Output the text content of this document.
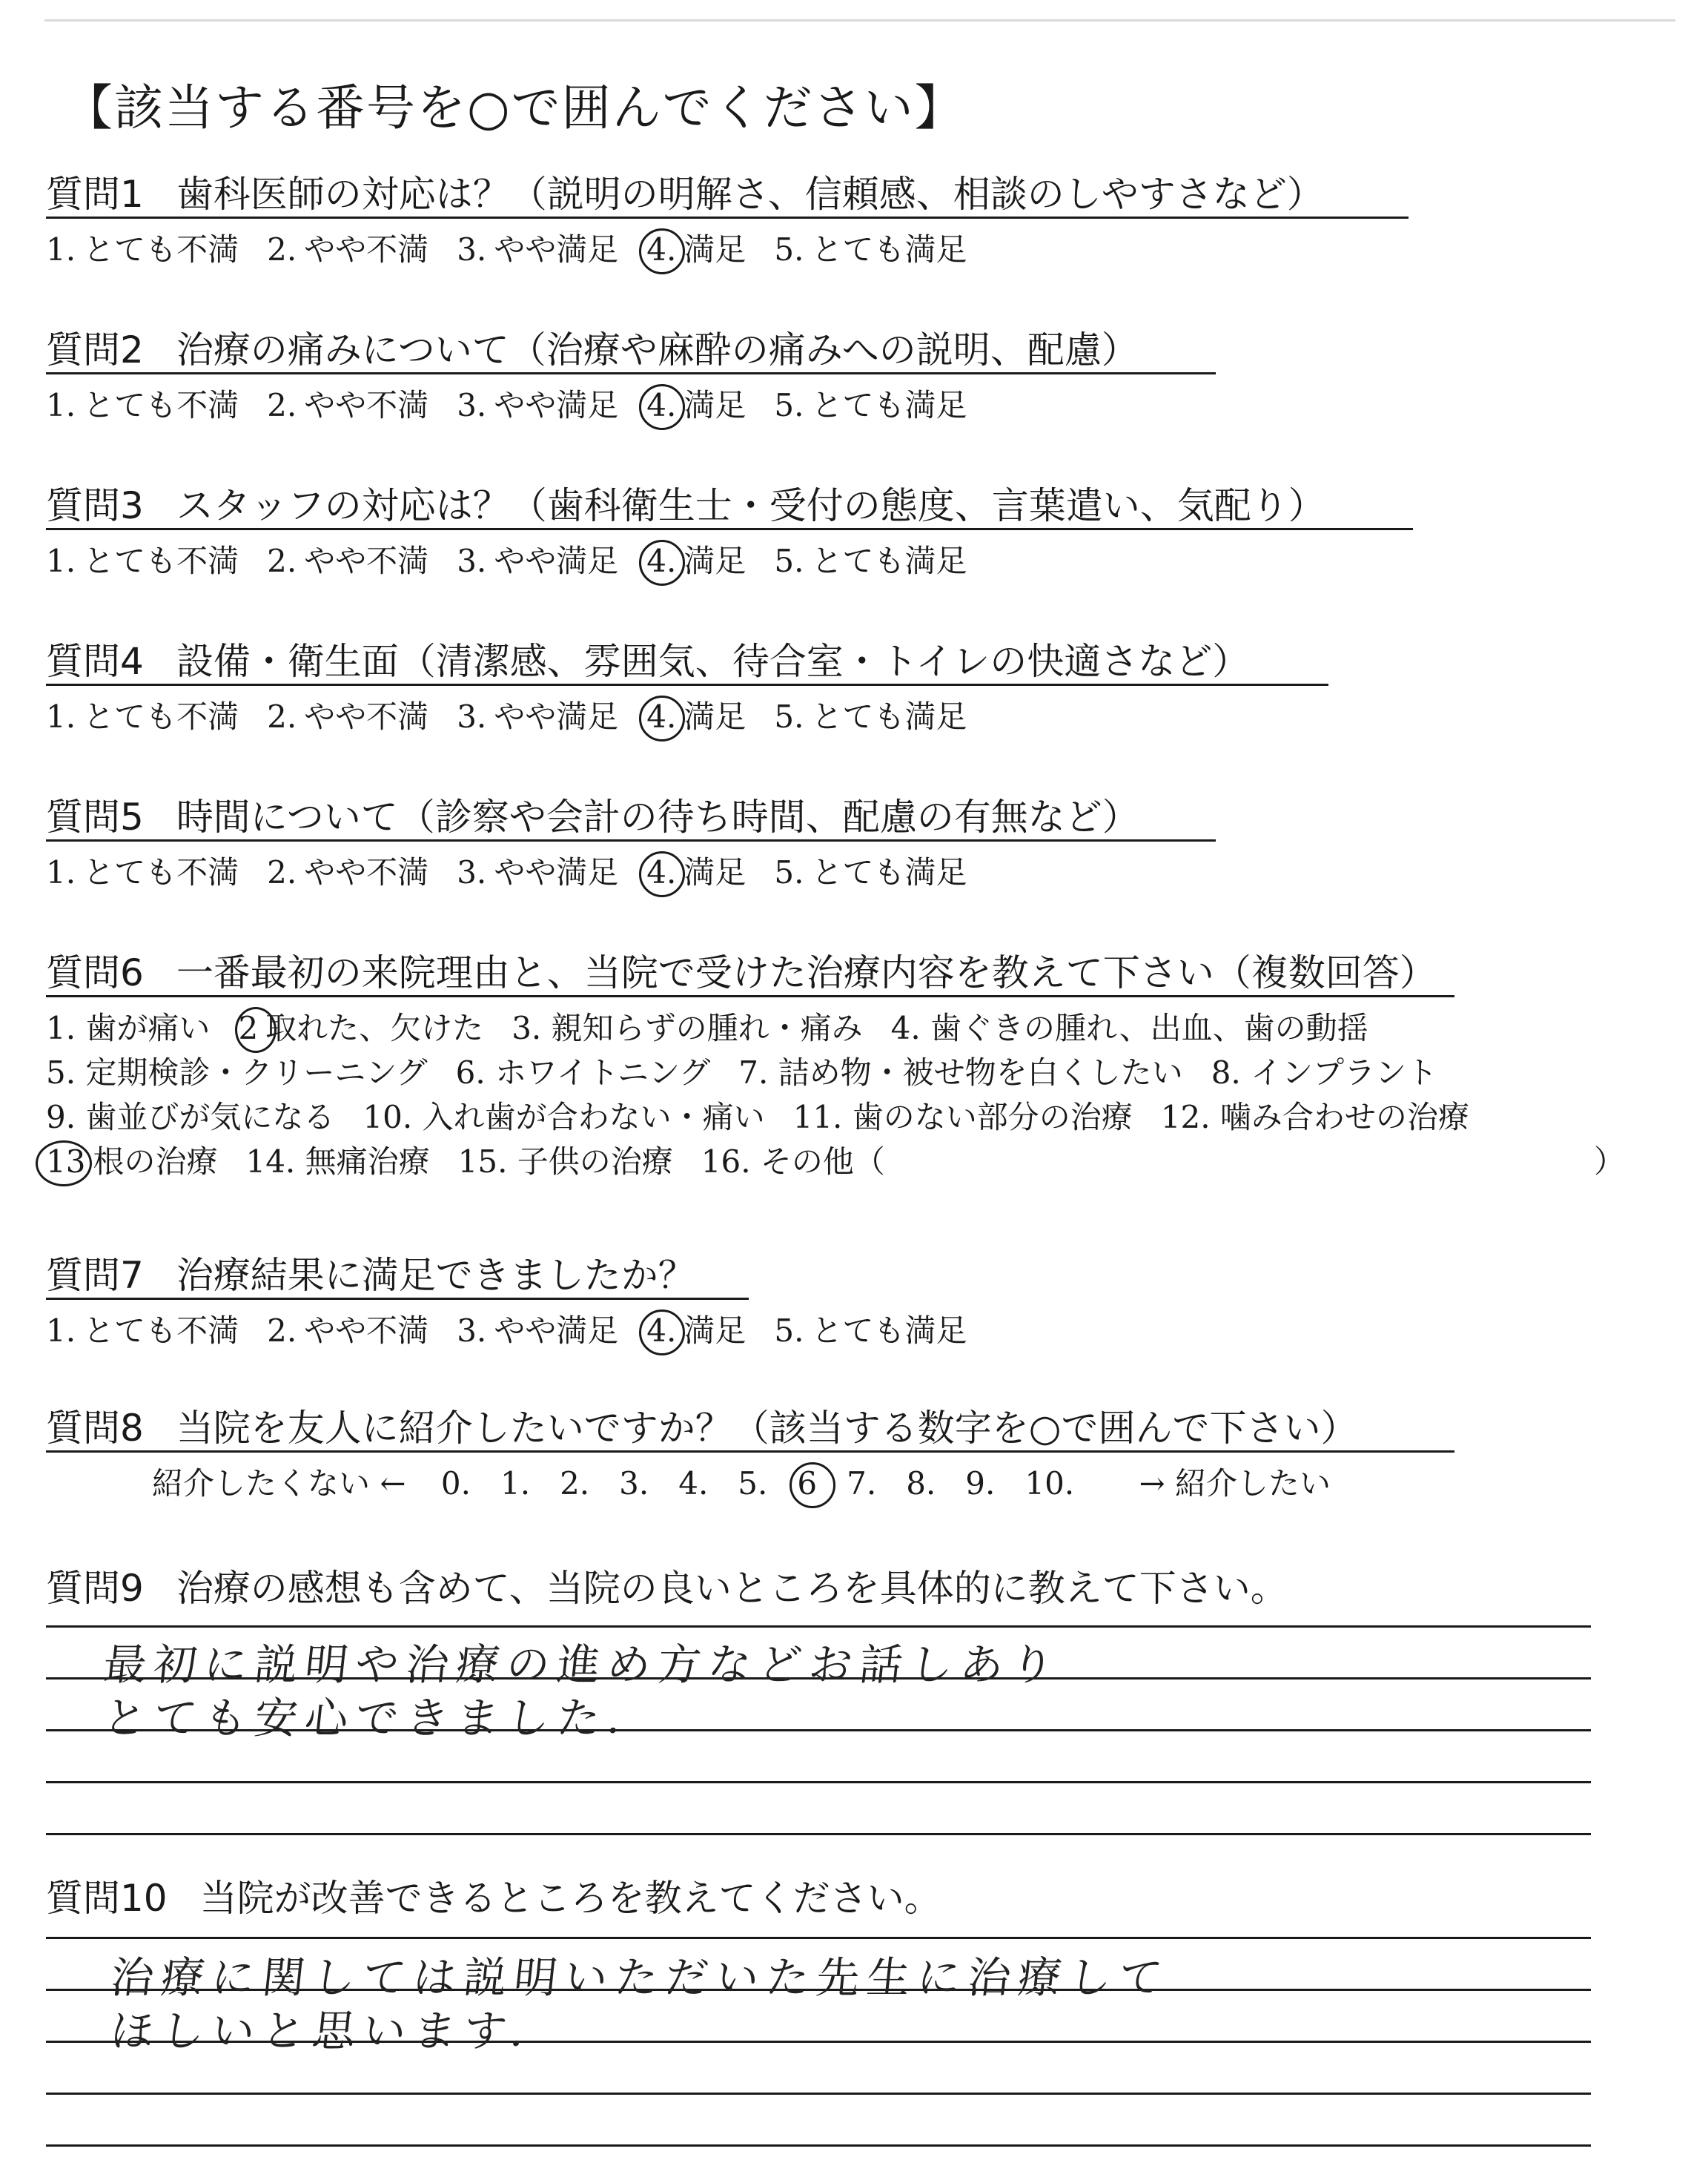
【該当する番号を○で囲んでください】
質問1 歯科医師の対応は？（説明の明解さ、信頼感、相談のしやすさなど）
1. とても不満 2. やや不満 3. やや満足 4. 満足 5. とても満足
質問2 治療の痛みについて（治療や麻酔の痛みへの説明、配慮）
1. とても不満 2. やや不満 3. やや満足 4. 満足 5. とても満足
質問3 スタッフの対応は？（歯科衛生士・受付の態度、言葉遣い、気配り）
1. とても不満 2. やや不満 3. やや満足 4. 満足 5. とても満足
質問4 設備・衛生面（清潔感、雰囲気、待合室・トイレの快適さなど）
1. とても不満 2. やや不満 3. やや満足 4. 満足 5. とても満足
質問5 時間について（診察や会計の待ち時間、配慮の有無など）
1. とても不満 2. やや不満 3. やや満足 4. 満足 5. とても満足
質問6 一番最初の来院理由と、当院で受けた治療内容を教えて下さい（複数回答）
1. 歯が痛い 2 取れた、欠けた 3. 親知らずの腫れ・痛み 4. 歯ぐきの腫れ、出血、歯の動揺
5. 定期検診・クリーニング 6. ホワイトニング 7. 詰め物・被せ物を白くしたい 8. インプラント
9. 歯並びが気になる 10. 入れ歯が合わない・痛い 11. 歯のない部分の治療 12. 噛み合わせの治療
13 根の治療 14. 無痛治療 15. 子供の治療 16. その他（	）
質問7 治療結果に満足できましたか？
1. とても不満 2. やや不満 3. やや満足 4. 満足 5. とても満足
質問8 当院を友人に紹介したいですか？（該当する数字を○で囲んで下さい）
紹介したくない ← 0. 1. 2. 3. 4. 5. 6 7. 8. 9. 10. → 紹介したい
質問9 治療の感想も含めて、当院の良いところを具体的に教えて下さい。
最初に説明や治療の進め方などお話しあり
とても安心できました．
質問10 当院が改善できるところを教えてください。
治療に関しては説明いただいた先生に治療して
ほしいと思います．
